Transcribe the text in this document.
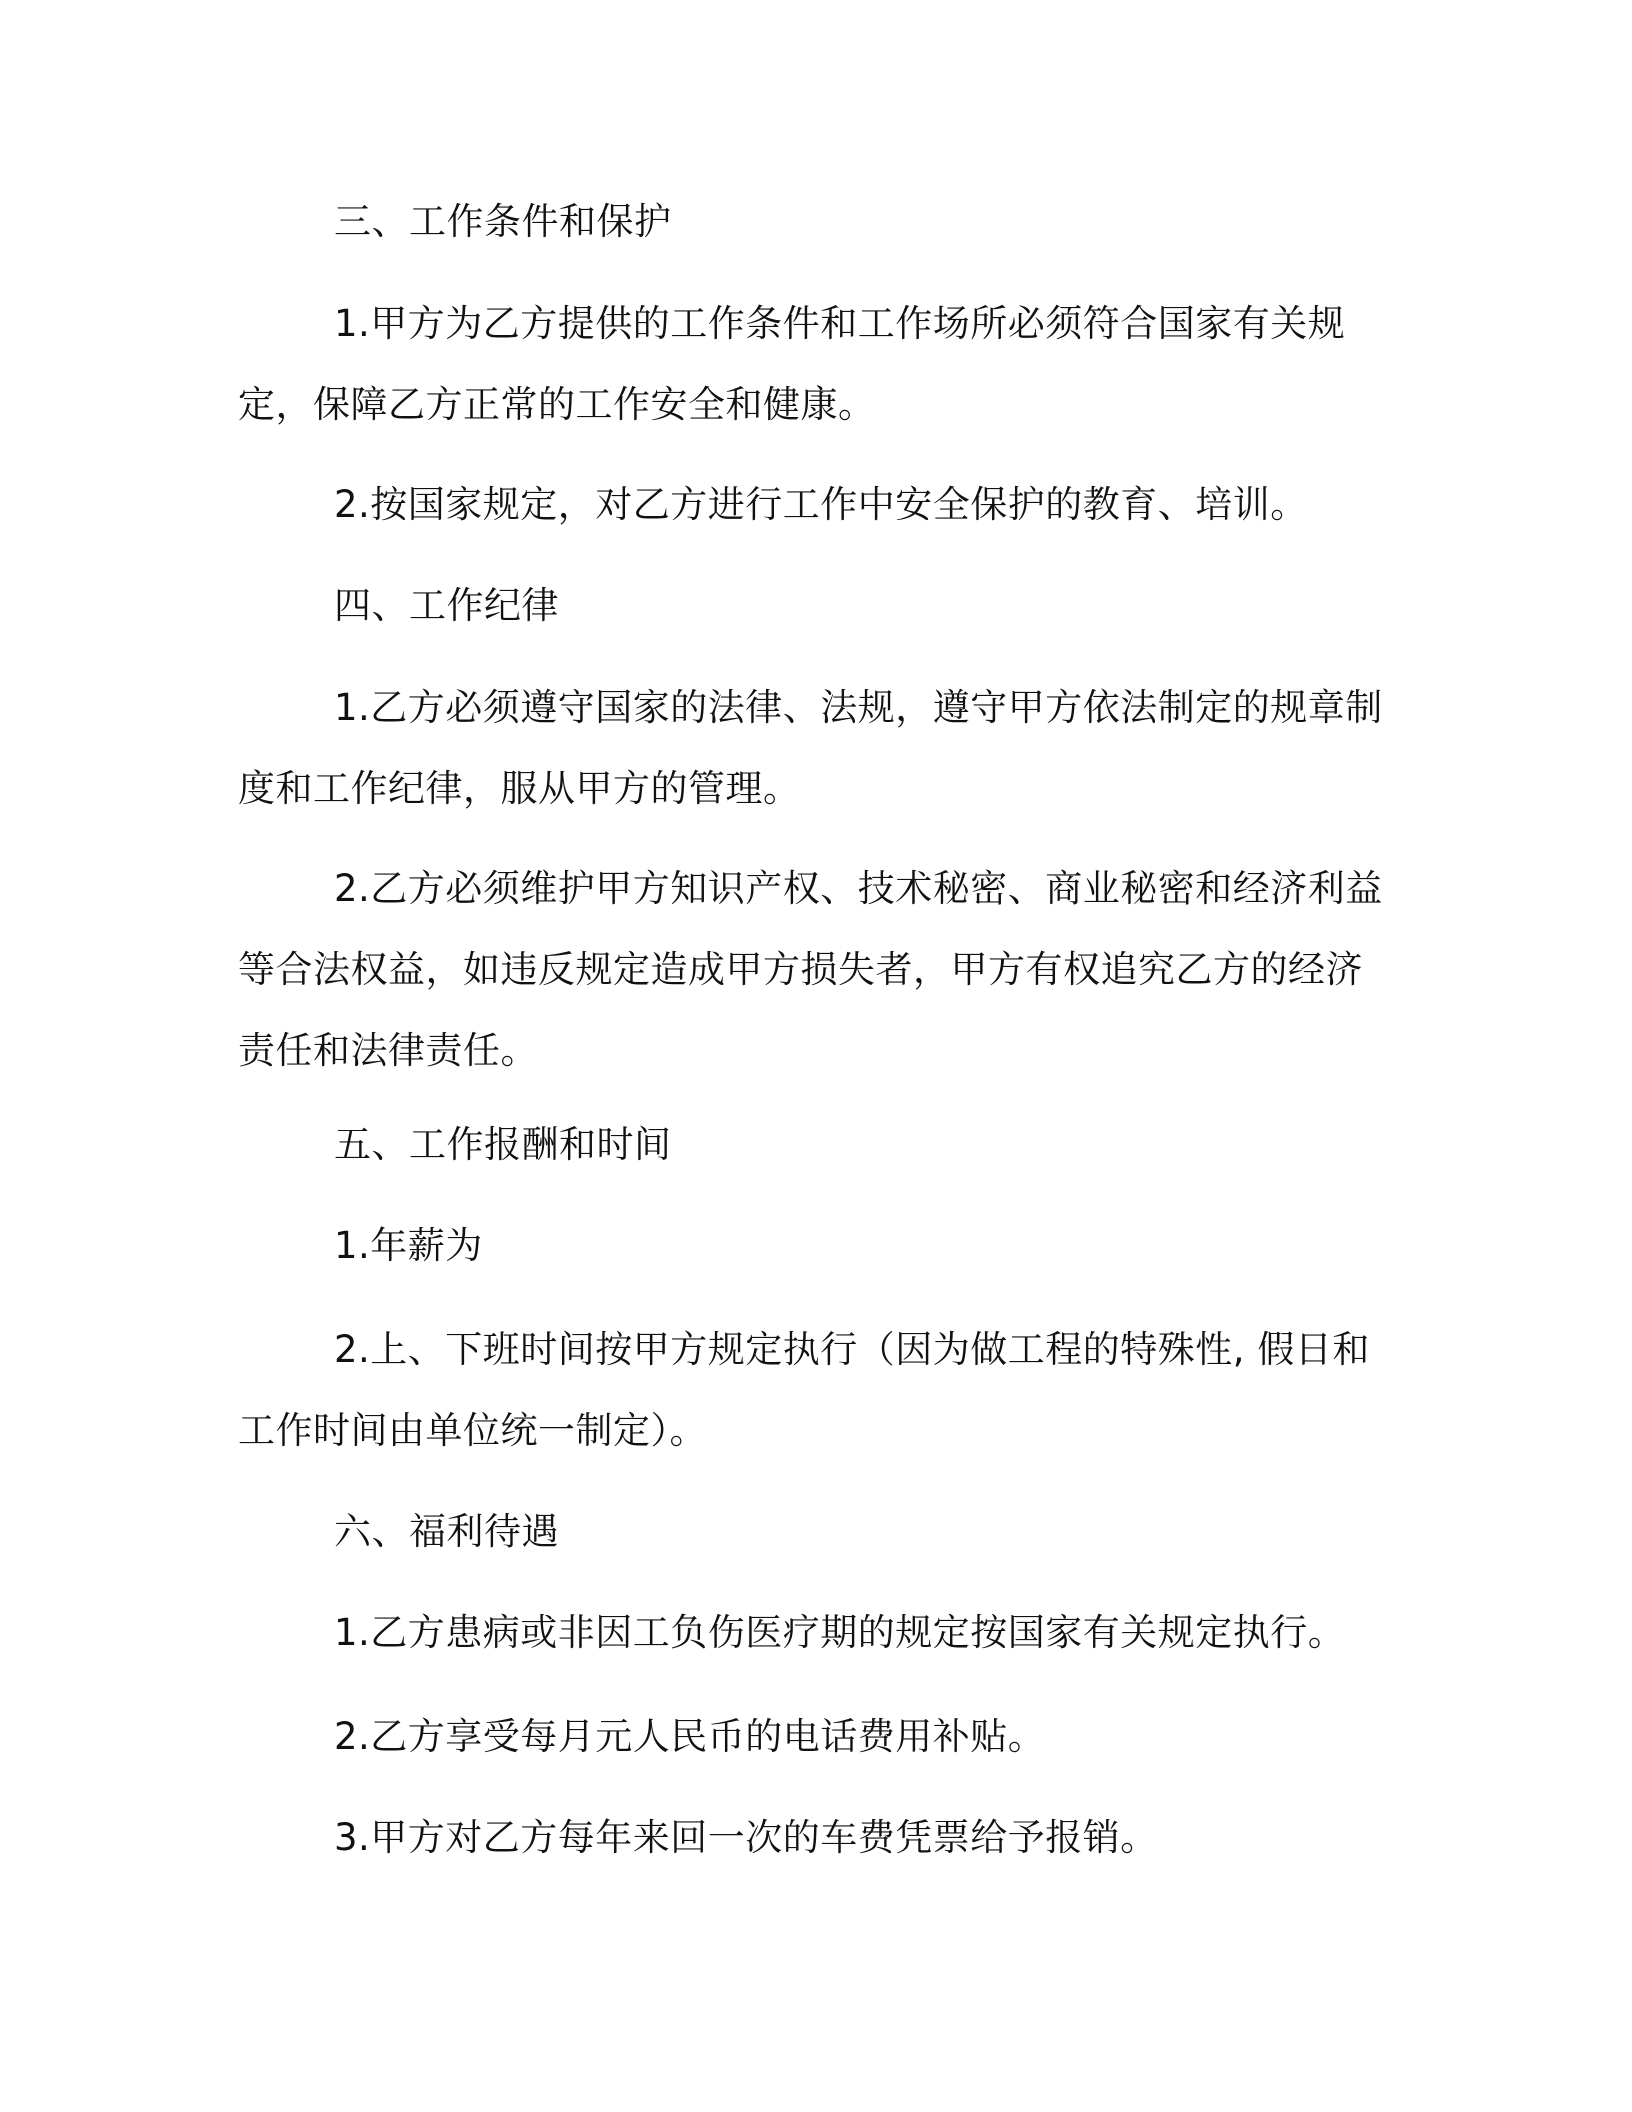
三、工作条件和保护

1.甲方为乙方提供的工作条件和工作场所必须符合国家有关规定，保障乙方正常的工作安全和健康。

2.按国家规定，对乙方进行工作中安全保护的教育、培训。

四、工作纪律

1.乙方必须遵守国家的法律、法规，遵守甲方依法制定的规章制度和工作纪律，服从甲方的管理。

2.乙方必须维护甲方知识产权、技术秘密、商业秘密和经济利益等合法权益，如违反规定造成甲方损失者，甲方有权追究乙方的经济责任和法律责任。

五、工作报酬和时间

1.年薪为

2.上、下班时间按甲方规定执行（因为做工程的特殊性, 假日和工作时间由单位统一制定）。

六、福利待遇

1.乙方患病或非因工负伤医疗期的规定按国家有关规定执行。

2.乙方享受每月元人民币的电话费用补贴。

3.甲方对乙方每年来回一次的车费凭票给予报销。
